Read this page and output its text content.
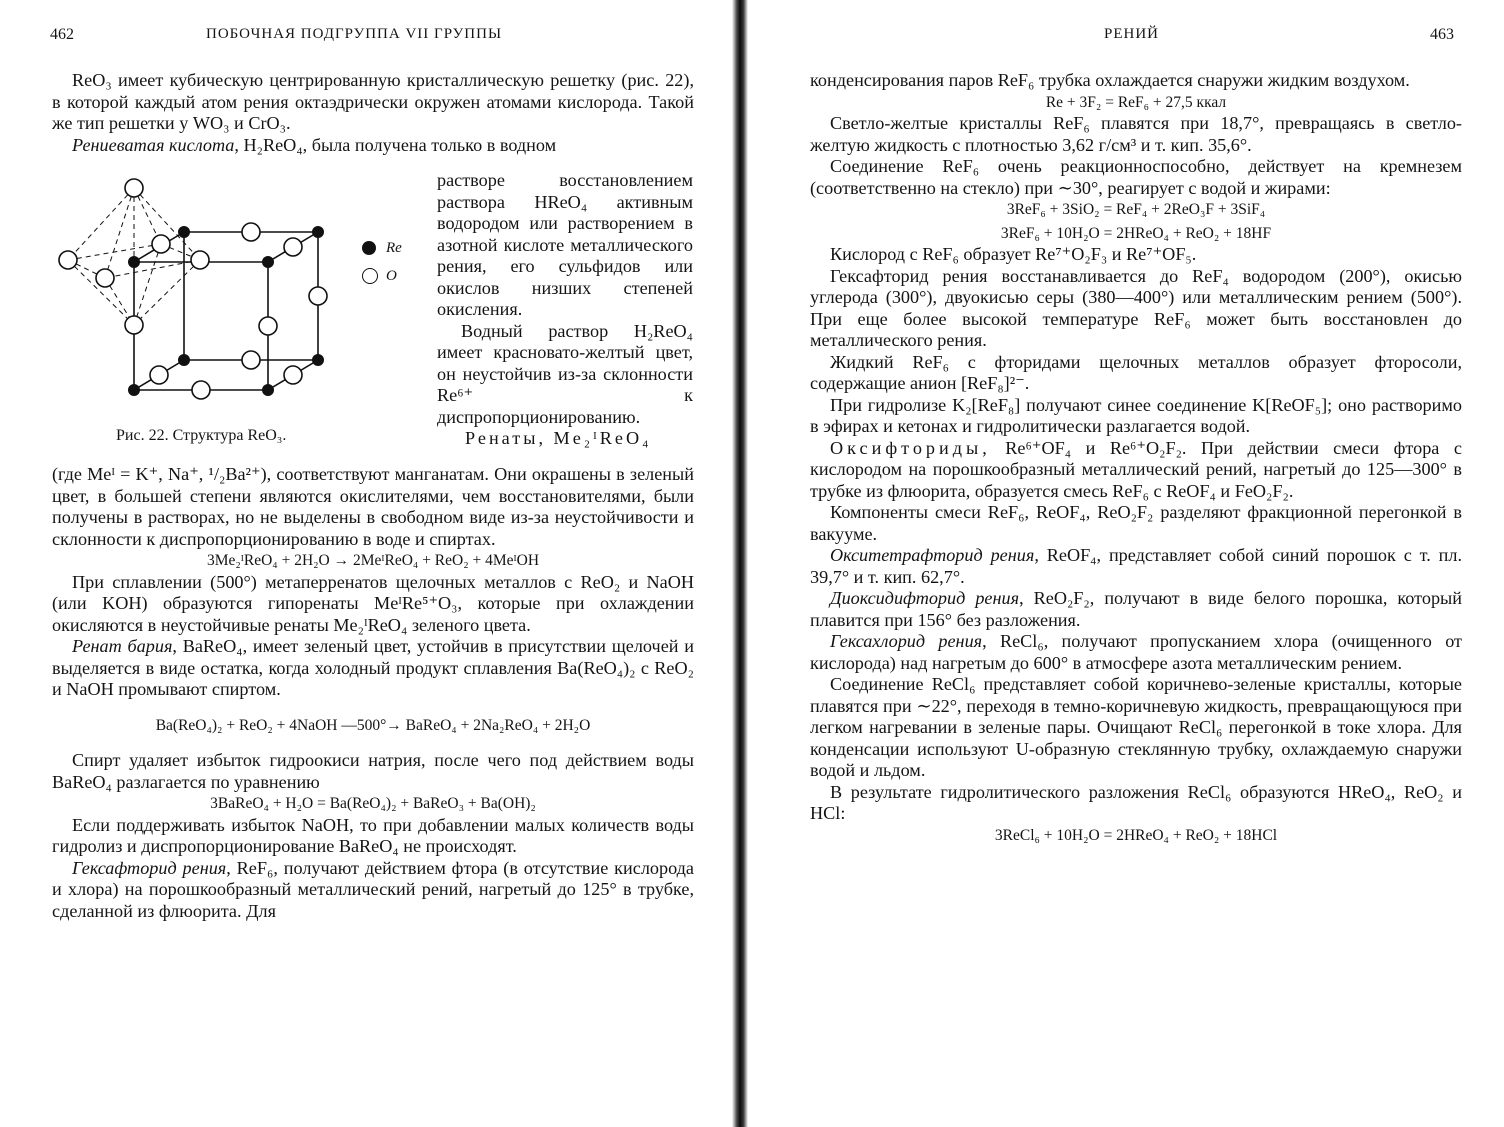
462	ПОБОЧНАЯ ПОДГРУППА VII ГРУППЫ

ReO₃ имеет кубическую центрированную кристаллическую решетку (рис. 22), в которой каждый атом рения октаэдрически окружен атомами кислорода. Такой же тип решетки у WO₃ и CrO₃.

Рениеватая кислота, H₂ReO₄, была получена только в водном

Re
O
Рис. 22. Структура ReO₃.

растворе восстановлением раствора HReO₄ активным водородом или растворением в азотной кислоте металлического рения, его сульфидов или окислов низших степеней окисления.

Водный раствор H₂ReO₄ имеет красновато-желтый цвет, он неустойчив из-за склонности Re⁶⁺ к диспропорционированию.

Ренаты, Me₂ᴵReO₄

(где Meᴵ = K⁺, Na⁺, ¹/₂Ba²⁺), соответствуют манганатам. Они окрашены в зеленый цвет, в большей степени являются окислителями, чем восстановителями, были получены в растворах, но не выделены в свободном виде из-за неустойчивости и склонности к диспропорционированию в воде и спиртах.

3Me₂ᴵReO₄ + 2H₂O → 2MeᴵReO₄ + ReO₂ + 4MeᴵOH

При сплавлении (500°) метаперренатов щелочных металлов с ReO₂ и NaOH (или KOH) образуются гипоренаты MeᴵRe⁵⁺O₃, которые при охлаждении окисляются в неустойчивые ренаты Me₂ᴵReO₄ зеленого цвета.

Ренат бария, BaReO₄, имеет зеленый цвет, устойчив в присутствии щелочей и выделяется в виде остатка, когда холодный продукт сплавления Ba(ReO₄)₂ с ReO₂ и NaOH промывают спиртом.

Ba(ReO₄)₂ + ReO₂ + 4NaOH —500°→ BaReO₄ + 2Na₂ReO₄ + 2H₂O

Спирт удаляет избыток гидроокиси натрия, после чего под действием воды BaReO₄ разлагается по уравнению

3BaReO₄ + H₂O = Ba(ReO₄)₂ + BaReO₃ + Ba(OH)₂

Если поддерживать избыток NaOH, то при добавлении малых количеств воды гидролиз и диспропорционирование BaReO₄ не происходят.

Гексафторид рения, ReF₆, получают действием фтора (в отсутствие кислорода и хлора) на порошкообразный металлический рений, нагретый до 125° в трубке, сделанной из флюорита. Для

РЕНИЙ	463

конденсирования паров ReF₆ трубка охлаждается снаружи жидким воздухом.

Re + 3F₂ = ReF₆ + 27,5 ккал

Светло-желтые кристаллы ReF₆ плавятся при 18,7°, превращаясь в светло-желтую жидкость с плотностью 3,62 г/см³ и т. кип. 35,6°.

Соединение ReF₆ очень реакционноспособно, действует на кремнезем (соответственно на стекло) при ∼30°, реагирует с водой и жирами:

3ReF₆ + 3SiO₂ = ReF₄ + 2ReO₃F + 3SiF₄

3ReF₆ + 10H₂O = 2HReO₄ + ReO₂ + 18HF

Кислород с ReF₆ образует Re⁷⁺O₂F₃ и Re⁷⁺OF₅.

Гексафторид рения восстанавливается до ReF₄ водородом (200°), окисью углерода (300°), двуокисью серы (380—400°) или металлическим рением (500°). При еще более высокой температуре ReF₆ может быть восстановлен до металлического рения.

Жидкий ReF₆ с фторидами щелочных металлов образует фторосоли, содержащие анион [ReF₈]²⁻.

При гидролизе K₂[ReF₈] получают синее соединение K[ReOF₅]; оно растворимо в эфирах и кетонах и гидролитически разлагается водой.

Оксифториды, Re⁶⁺OF₄ и Re⁶⁺O₂F₂. При действии смеси фтора с кислородом на порошкообразный металлический рений, нагретый до 125—300° в трубке из флюорита, образуется смесь ReF₆ с ReOF₄ и FeO₂F₂.

Компоненты смеси ReF₆, ReOF₄, ReO₂F₂ разделяют фракционной перегонкой в вакууме.

Окситетрафторид рения, ReOF₄, представляет собой синий порошок с т. пл. 39,7° и т. кип. 62,7°.

Диоксидифторид рения, ReO₂F₂, получают в виде белого порошка, который плавится при 156° без разложения.

Гексахлорид рения, ReCl₆, получают пропусканием хлора (очищенного от кислорода) над нагретым до 600° в атмосфере азота металлическим рением.

Соединение ReCl₆ представляет собой коричнево-зеленые кристаллы, которые плавятся при ∼22°, переходя в темно-коричневую жидкость, превращающуюся при легком нагревании в зеленые пары. Очищают ReCl₆ перегонкой в токе хлора. Для конденсации используют U-образную стеклянную трубку, охлаждаемую снаружи водой и льдом.

В результате гидролитического разложения ReCl₆ образуются HReO₄, ReO₂ и HCl:

3ReCl₆ + 10H₂O = 2HReO₄ + ReO₂ + 18HCl
